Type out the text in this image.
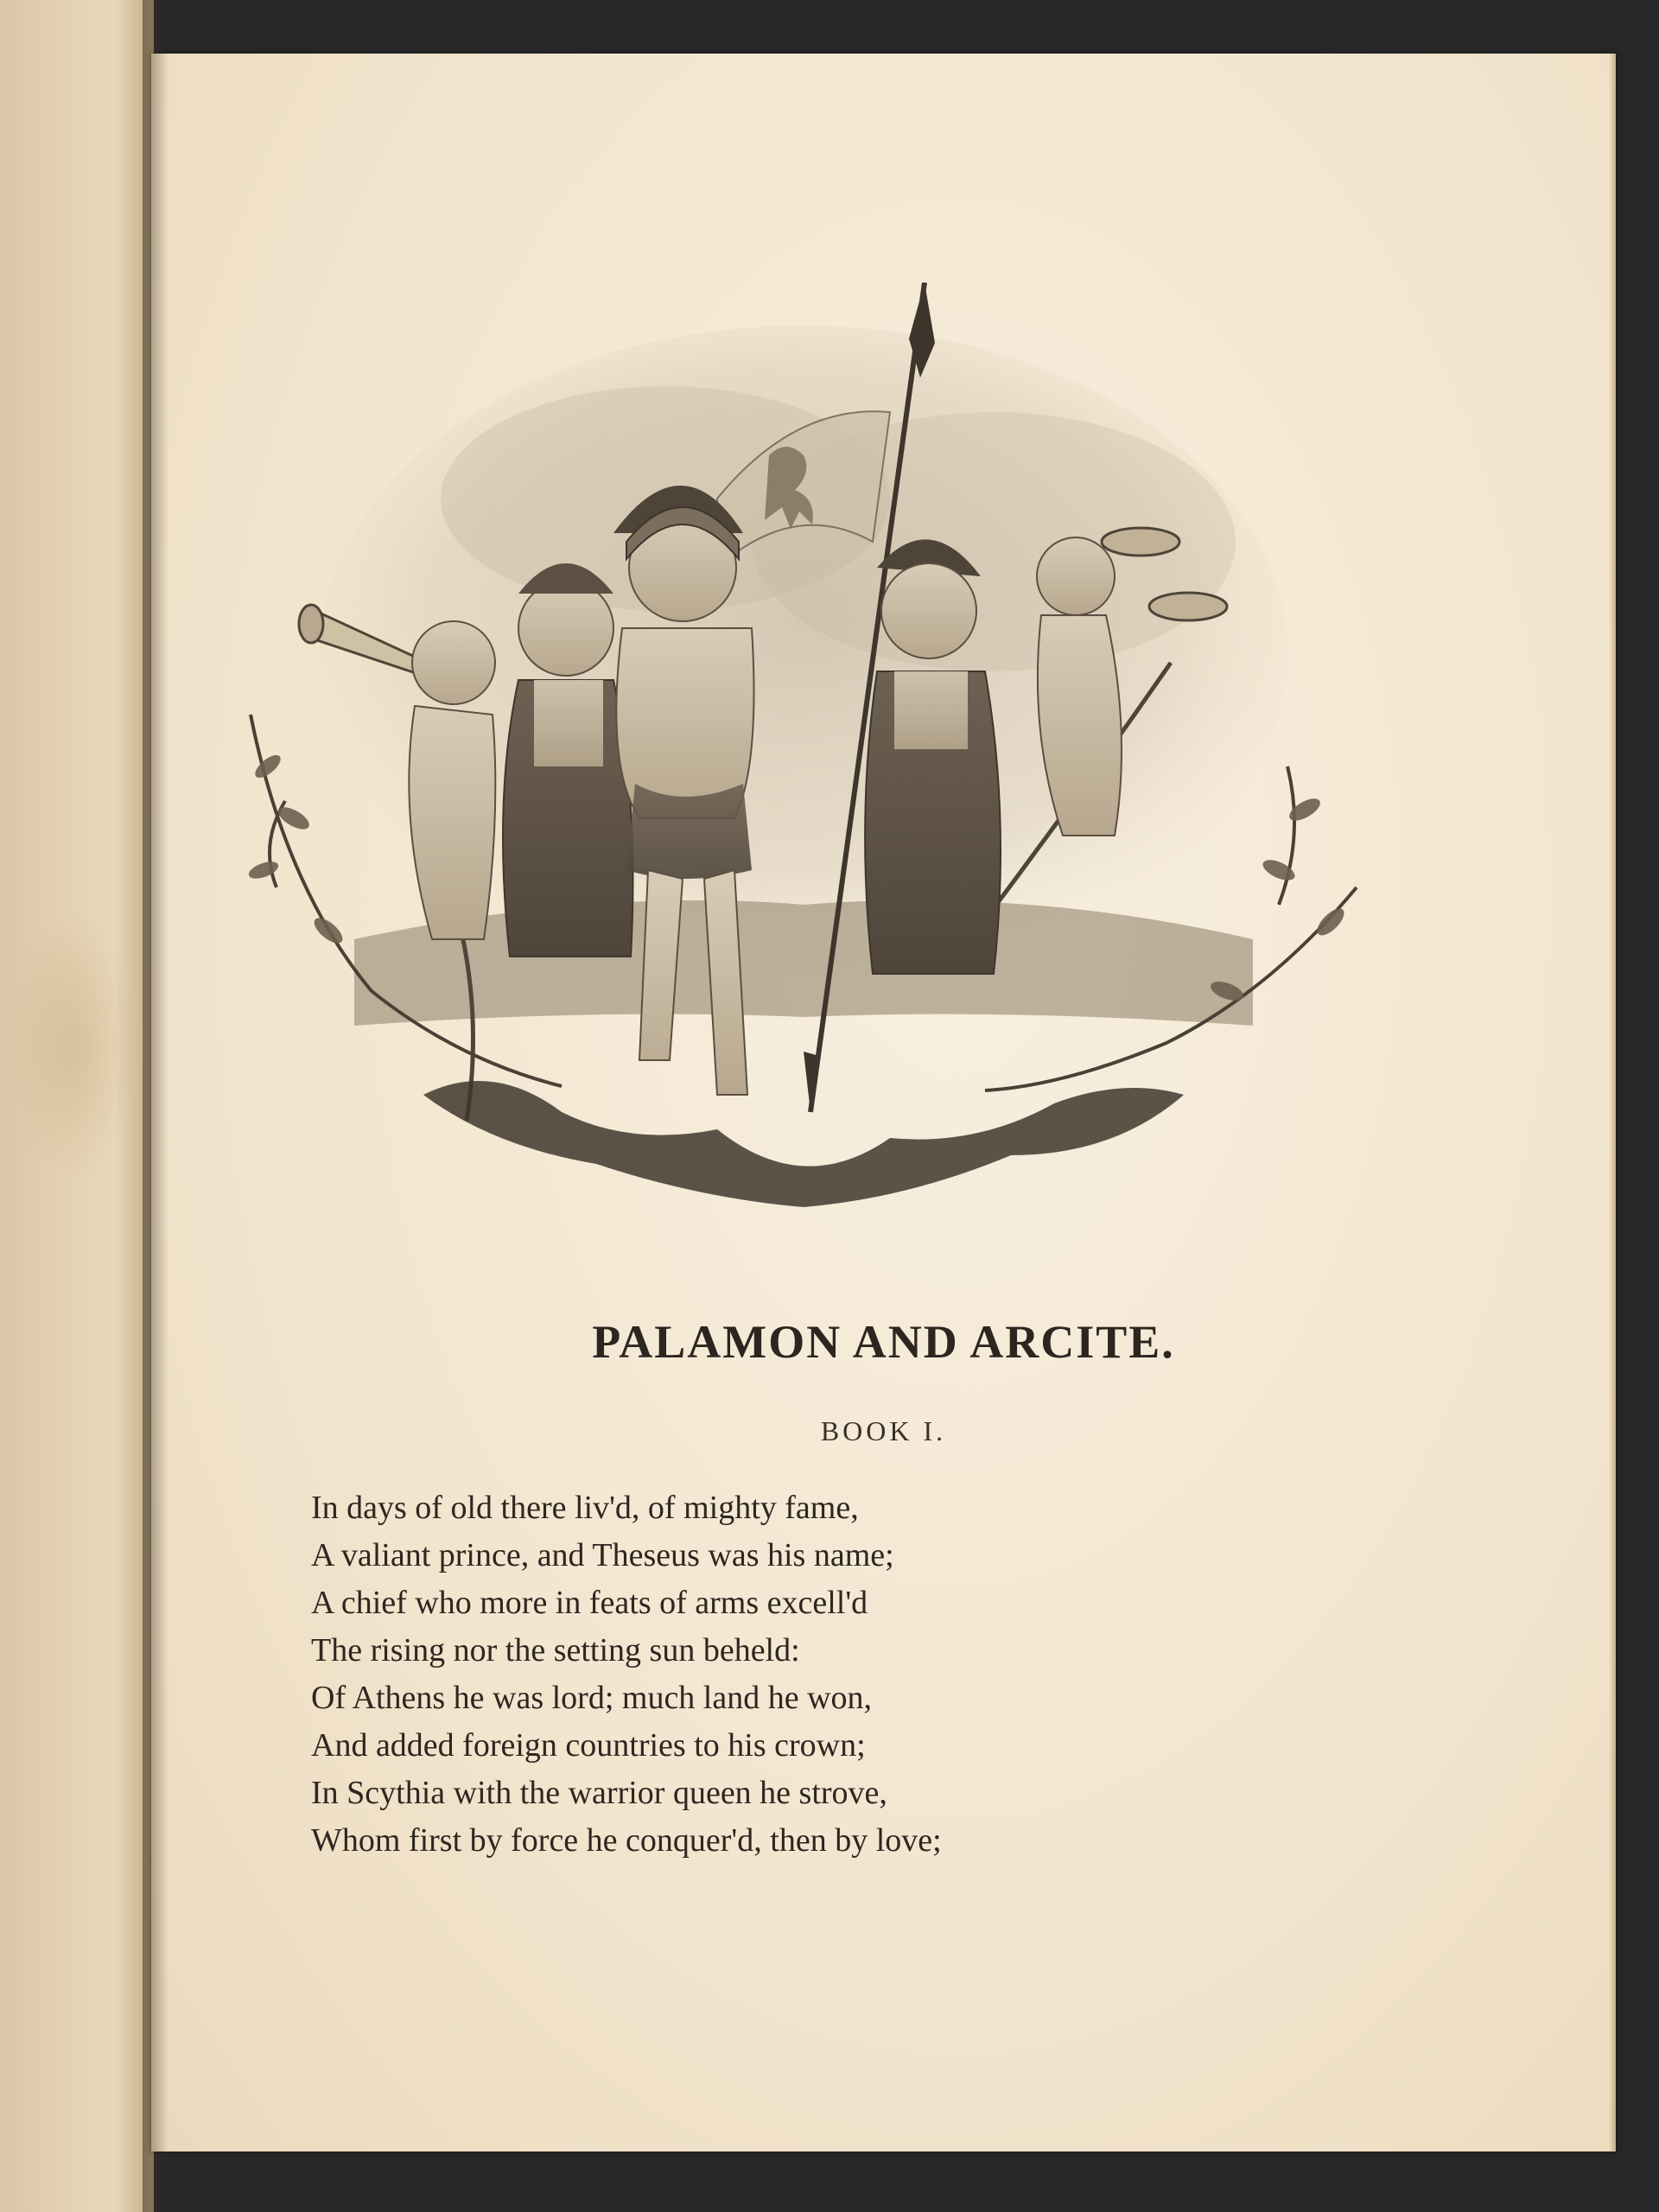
PALAMON AND ARCITE.
BOOK I.
In days of old there liv'd, of mighty fame,
A valiant prince, and Theseus was his name;
A chief who more in feats of arms excell'd
The rising nor the setting sun beheld:
Of Athens he was lord; much land he won,
And added foreign countries to his crown;
In Scythia with the warrior queen he strove,
Whom first by force he conquer'd, then by love;
